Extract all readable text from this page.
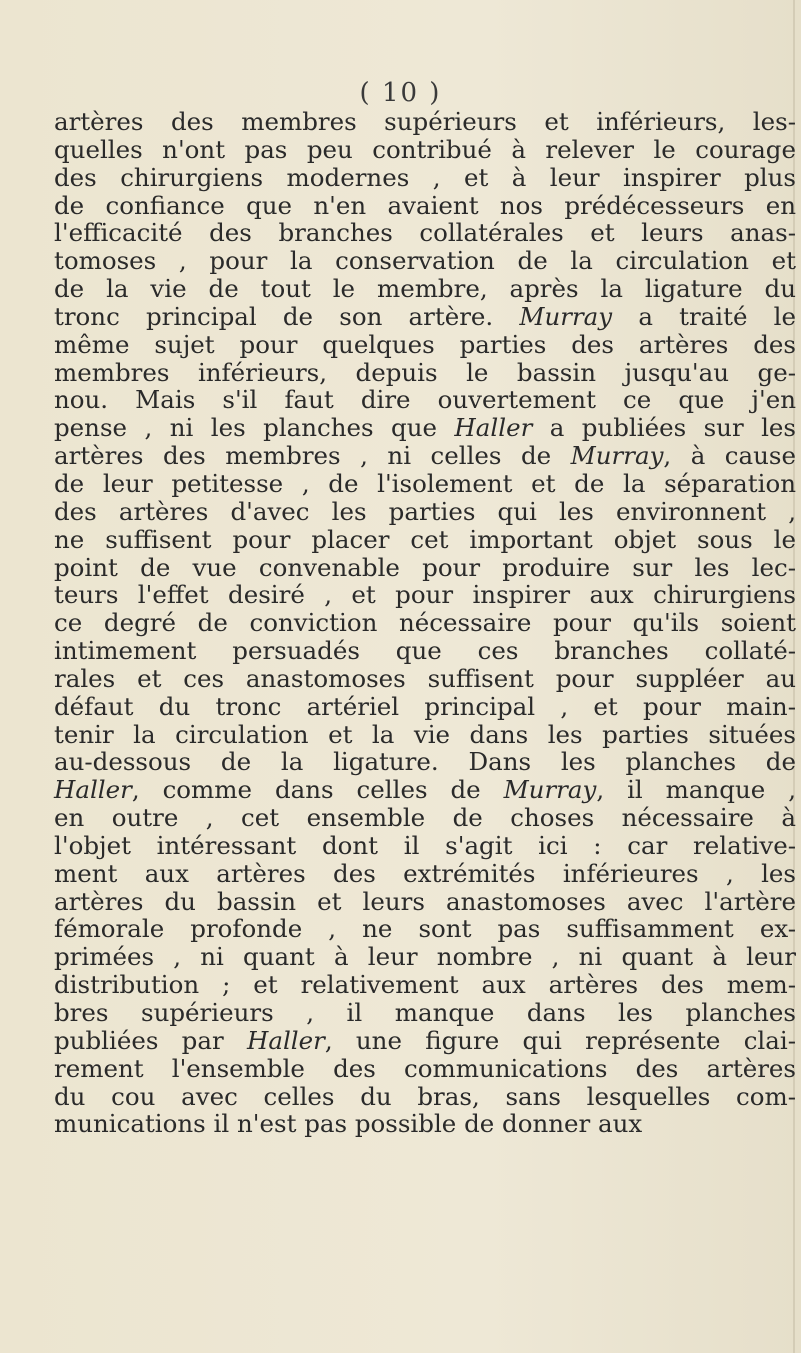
( 10 )
artères des membres supérieurs et inférieurs, les-
quelles n'ont pas peu contribué à relever le courage
des chirurgiens modernes , et à leur inspirer plus
de confiance que n'en avaient nos prédécesseurs en
l'efficacité des branches collatérales et leurs anas-
tomoses , pour la conservation de la circulation et
de la vie de tout le membre, après la ligature du
tronc principal de son artère. Murray a traité le
même sujet pour quelques parties des artères des
membres inférieurs, depuis le bassin jusqu'au ge-
nou. Mais s'il faut dire ouvertement ce que j'en
pense , ni les planches que Haller a publiées sur les
artères des membres , ni celles de Murray, à cause
de leur petitesse , de l'isolement et de la séparation
des artères d'avec les parties qui les environnent ,
ne suffisent pour placer cet important objet sous le
point de vue convenable pour produire sur les lec-
teurs l'effet desiré , et pour inspirer aux chirurgiens
ce degré de conviction nécessaire pour qu'ils soient
intimement persuadés que ces branches collaté-
rales et ces anastomoses suffisent pour suppléer au
défaut du tronc artériel principal , et pour main-
tenir la circulation et la vie dans les parties situées
au-dessous de la ligature. Dans les planches de
Haller, comme dans celles de Murray, il manque ,
en outre , cet ensemble de choses nécessaire à
l'objet intéressant dont il s'agit ici : car relative-
ment aux artères des extrémités inférieures , les
artères du bassin et leurs anastomoses avec l'artère
fémorale profonde , ne sont pas suffisamment ex-
primées , ni quant à leur nombre , ni quant à leur
distribution ; et relativement aux artères des mem-
bres supérieurs , il manque dans les planches
publiées par Haller, une figure qui représente clai-
rement l'ensemble des communications des artères
du cou avec celles du bras, sans lesquelles com-
munications il n'est pas possible de donner aux
